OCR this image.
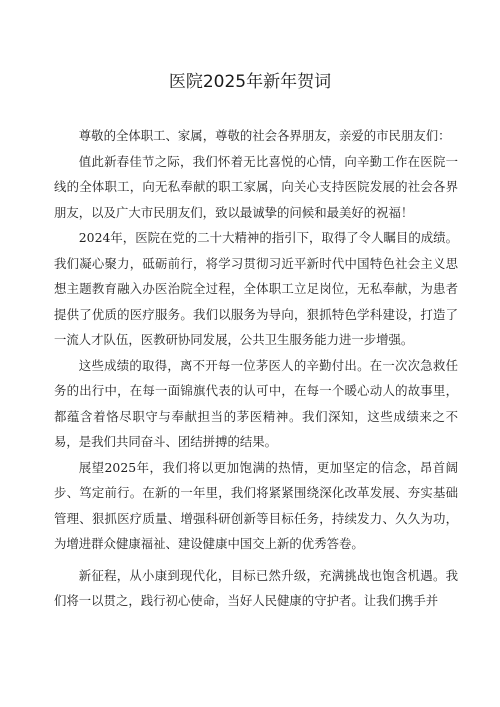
医院2025年新年贺词

尊敬的全体职工、家属，尊敬的社会各界朋友，亲爱的市民朋友们：

值此新春佳节之际，我们怀着无比喜悦的心情，向辛勤工作在医院一线的全体职工，向无私奉献的职工家属，向关心支持医院发展的社会各界朋友，以及广大市民朋友们，致以最诚挚的问候和最美好的祝福！

2024年，医院在党的二十大精神的指引下，取得了令人瞩目的成绩。我们凝心聚力，砥砺前行，将学习贯彻习近平新时代中国特色社会主义思想主题教育融入办医治院全过程，全体职工立足岗位，无私奉献，为患者提供了优质的医疗服务。我们以服务为导向，狠抓特色学科建设，打造了一流人才队伍，医教研协同发展，公共卫生服务能力进一步增强。

这些成绩的取得，离不开每一位茅医人的辛勤付出。在一次次急救任务的出行中，在每一面锦旗代表的认可中，在每一个暖心动人的故事里，都蕴含着恪尽职守与奉献担当的茅医精神。我们深知，这些成绩来之不易，是我们共同奋斗、团结拼搏的结果。

展望2025年，我们将以更加饱满的热情，更加坚定的信念，昂首阔步、笃定前行。在新的一年里，我们将紧紧围绕深化改革发展、夯实基础管理、狠抓医疗质量、增强科研创新等目标任务，持续发力、久久为功，为增进群众健康福祉、建设健康中国交上新的优秀答卷。

新征程，从小康到现代化，目标已然升级，充满挑战也饱含机遇。我们将一以贯之，践行初心使命，当好人民健康的守护者。让我们携手并
